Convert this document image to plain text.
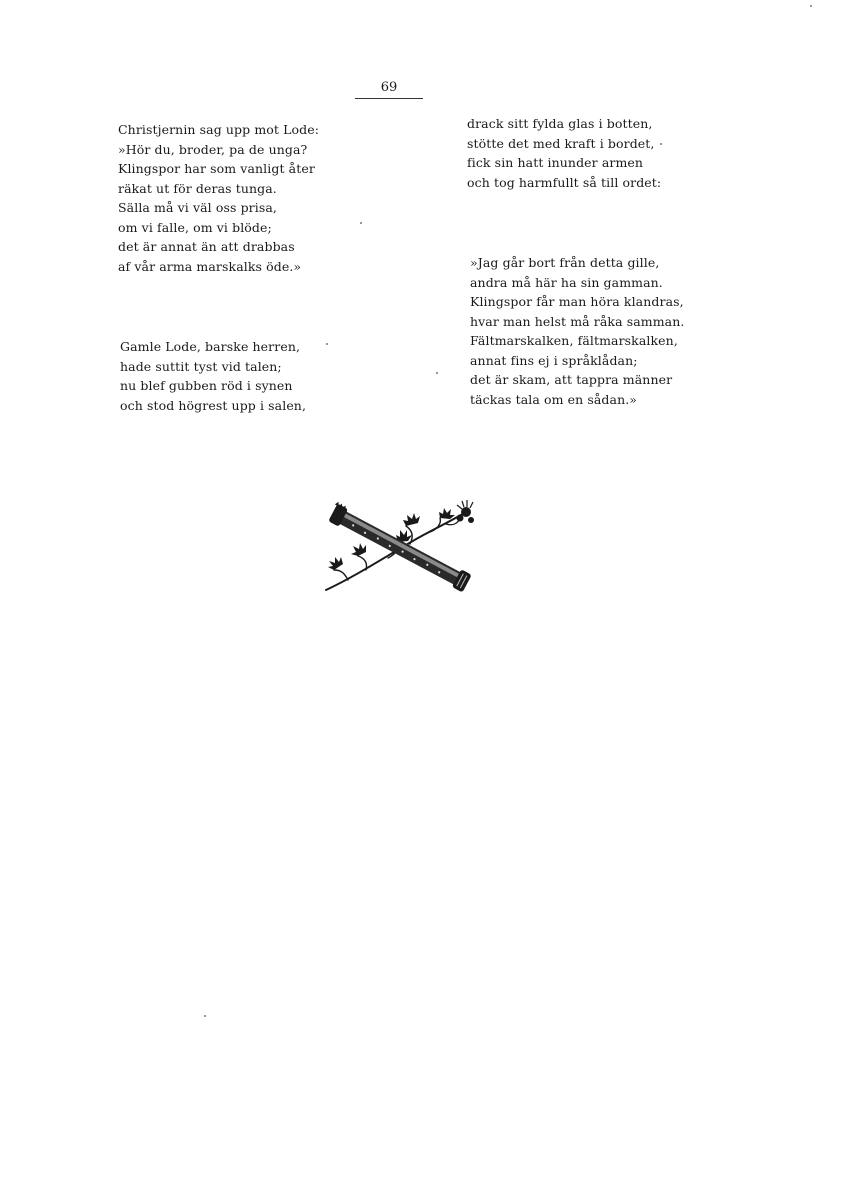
69
Christjernin sag upp mot Lode:
»Hör du, broder, pa de unga?
Klingspor har som vanligt åter
räkat ut för deras tunga.
Sälla må vi väl oss prisa,
om vi falle, om vi blöde;
det är annat än att drabbas
af vår arma marskalks öde.»
Gamle Lode, barske herren,
hade suttit tyst vid talen;
nu blef gubben röd i synen
och stod högrest upp i salen,
drack sitt fylda glas i botten,
stötte det med kraft i bordet,
fick sin hatt inunder armen
och tog harmfullt så till ordet:
»Jag går bort från detta gille,
andra må här ha sin gamman.
Klingspor får man höra klandras,
hvar man helst må råka samman.
Fältmarskalken, fältmarskalken,
annat fins ej i språklådan;
det är skam, att tappra männer
täckas tala om en sådan.»
